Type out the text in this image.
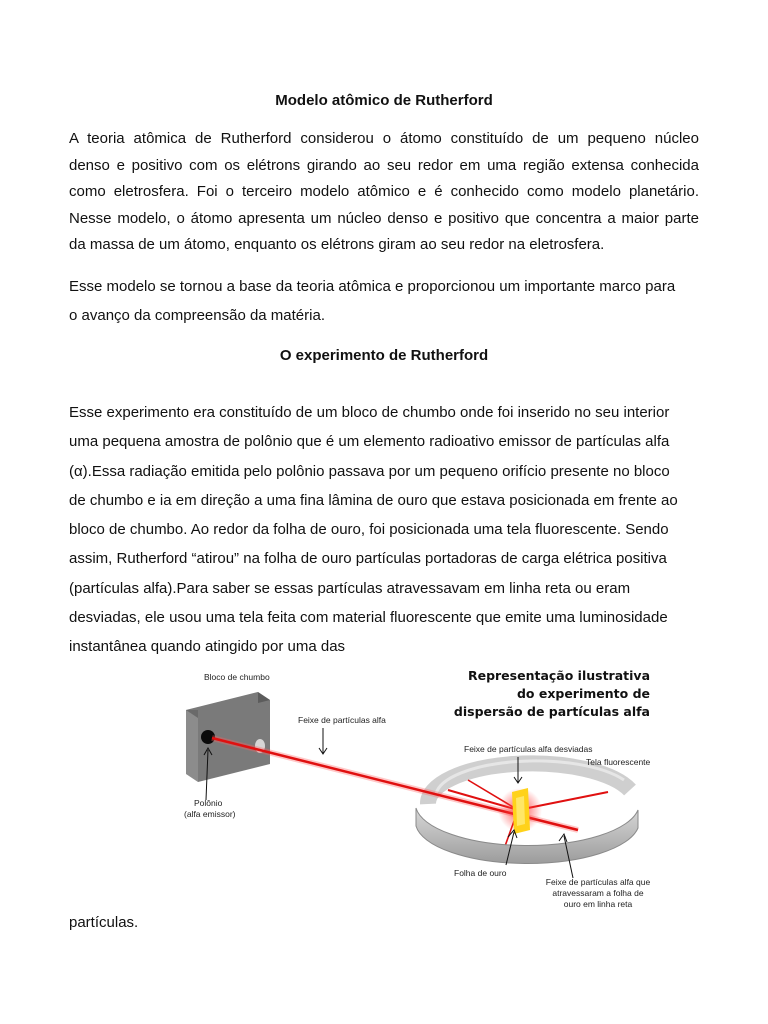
Modelo atômico de Rutherford
A teoria atômica de Rutherford considerou o átomo constituído de um pequeno núcleo
denso e positivo com os elétrons girando ao seu redor em uma região extensa conhecida
como eletrosfera. Foi o terceiro modelo atômico e é conhecido como modelo planetário.
Nesse modelo, o átomo apresenta um núcleo denso e positivo que concentra a maior parte
da massa de um átomo, enquanto os elétrons giram ao seu redor na eletrosfera.
Esse modelo se tornou a base da teoria atômica e proporcionou um importante marco para
o avanço da compreensão da matéria.
O experimento de Rutherford
Esse experimento era constituído de um bloco de chumbo onde foi inserido no seu interior
uma pequena amostra de polônio que é um elemento radioativo emissor de partículas alfa
(α).Essa radiação emitida pelo polônio passava por um pequeno orifício presente no bloco
de chumbo e ia em direção a uma fina lâmina de ouro que estava posicionada em frente ao
bloco de chumbo. Ao redor da folha de ouro, foi posicionada uma tela fluorescente. Sendo
assim, Rutherford “atirou” na folha de ouro partículas portadoras de carga elétrica positiva
(partículas alfa).Para saber se essas partículas atravessavam em linha reta ou eram
desviadas, ele usou uma tela feita com material fluorescente que emite uma luminosidade
instantânea quando atingido por uma das
Representação ilustrativa
do experimento de
dispersão de partículas alfa
Bloco de chumbo
Feixe de partículas alfa
Polônio
(alfa emissor)
Feixe de partículas alfa desviadas
Tela fluorescente
Folha de ouro
Feixe de partículas alfa que
atravessaram a folha de
ouro em linha reta
partículas.
